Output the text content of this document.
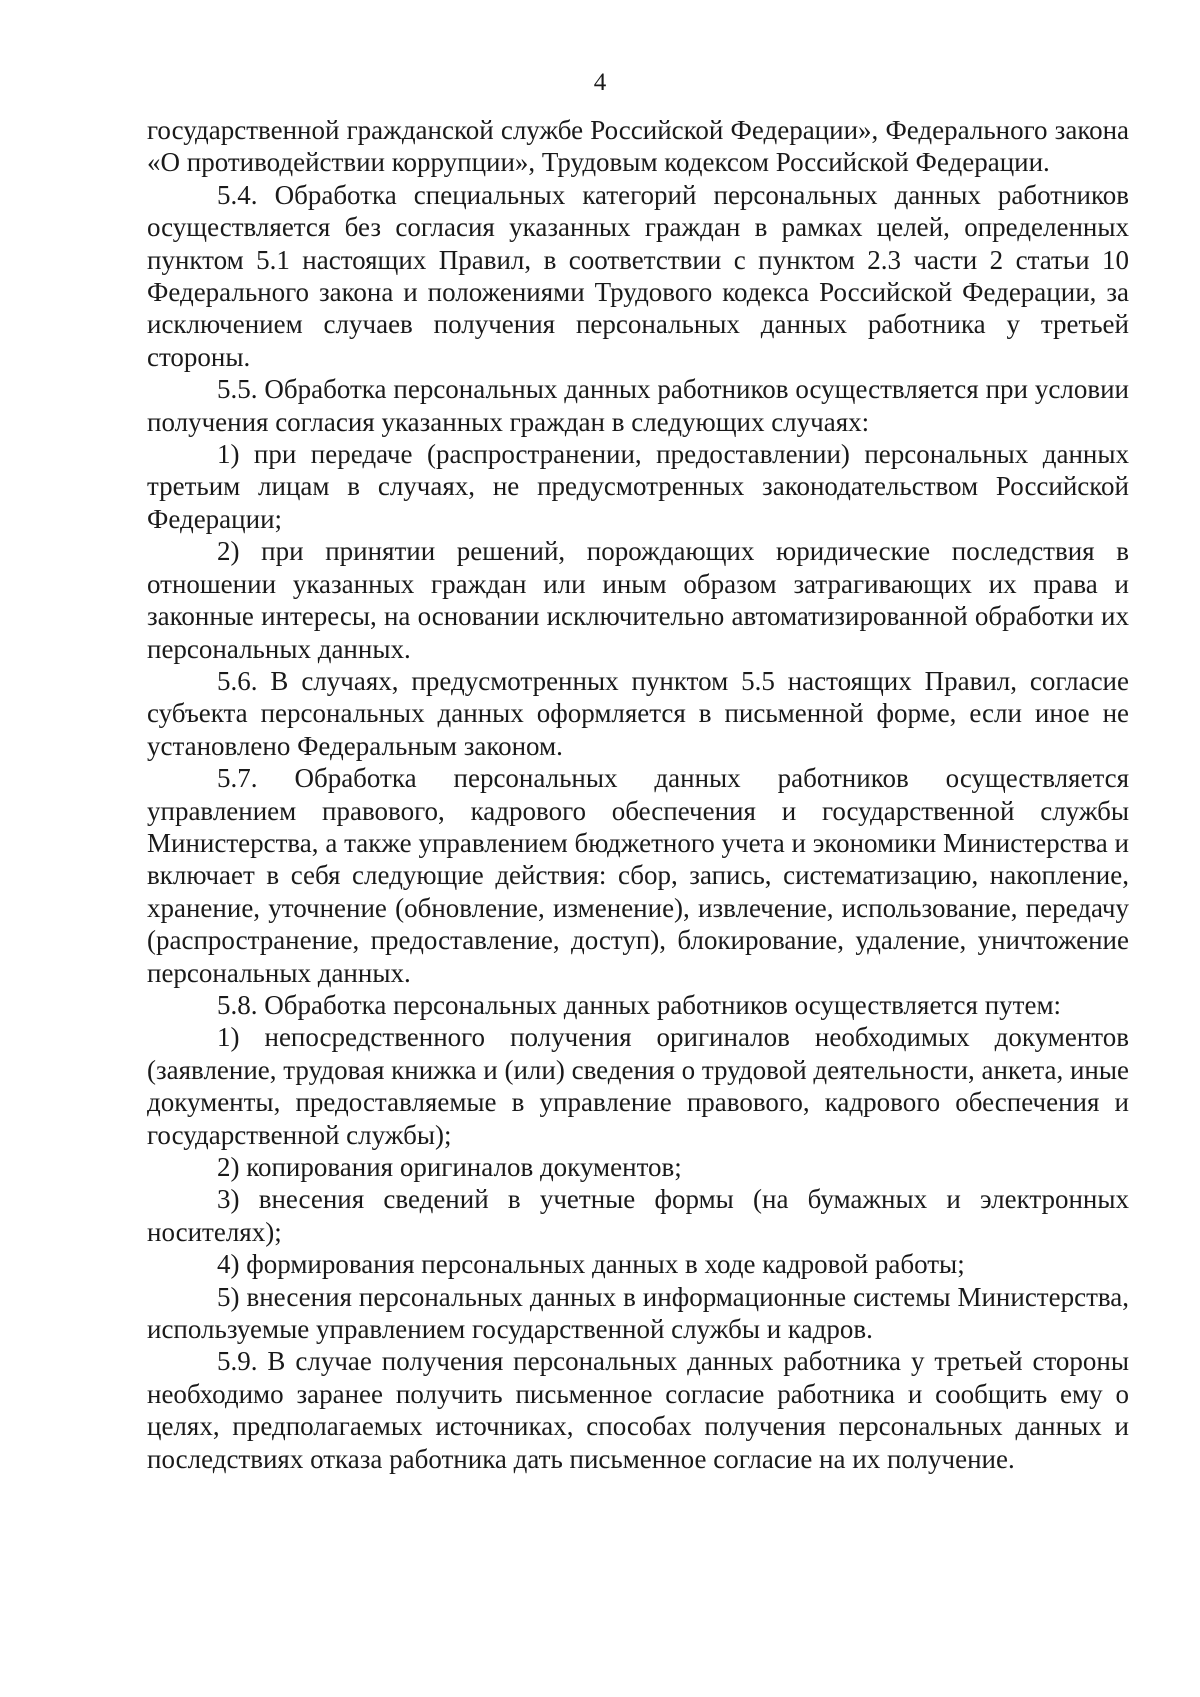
4

государственной гражданской службе Российской Федерации», Федерального закона «О противодействии коррупции», Трудовым кодексом Российской Федерации.

5.4. Обработка специальных категорий персональных данных работников осуществляется без согласия указанных граждан в рамках целей, определенных пунктом 5.1 настоящих Правил, в соответствии с пунктом 2.3 части 2 статьи 10 Федерального закона и положениями Трудового кодекса Российской Федерации, за исключением случаев получения персональных данных работника у третьей стороны.

5.5. Обработка персональных данных работников осуществляется при условии получения согласия указанных граждан в следующих случаях:

1) при передаче (распространении, предоставлении) персональных данных третьим лицам в случаях, не предусмотренных законодательством Российской Федерации;

2) при принятии решений, порождающих юридические последствия в отношении указанных граждан или иным образом затрагивающих их права и законные интересы, на основании исключительно автоматизированной обработки их персональных данных.

5.6. В случаях, предусмотренных пунктом 5.5 настоящих Правил, согласие субъекта персональных данных оформляется в письменной форме, если иное не установлено Федеральным законом.

5.7. Обработка персональных данных работников осуществляется управлением правового, кадрового обеспечения и государственной службы Министерства, а также управлением бюджетного учета и экономики Министерства и включает в себя следующие действия: сбор, запись, систематизацию, накопление, хранение, уточнение (обновление, изменение), извлечение, использование, передачу (распространение, предоставление, доступ), блокирование, удаление, уничтожение персональных данных.

5.8. Обработка персональных данных работников осуществляется путем:

1) непосредственного получения оригиналов необходимых документов (заявление, трудовая книжка и (или) сведения о трудовой деятельности, анкета, иные документы, предоставляемые в управление правового, кадрового обеспечения и государственной службы);

2) копирования оригиналов документов;

3) внесения сведений в учетные формы (на бумажных и электронных носителях);

4) формирования персональных данных в ходе кадровой работы;

5) внесения персональных данных в информационные системы Министерства, используемые управлением государственной службы и кадров.

5.9. В случае получения персональных данных работника у третьей стороны необходимо заранее получить письменное согласие работника и сообщить ему о целях, предполагаемых источниках, способах получения персональных данных и последствиях отказа работника дать письменное согласие на их получение.
